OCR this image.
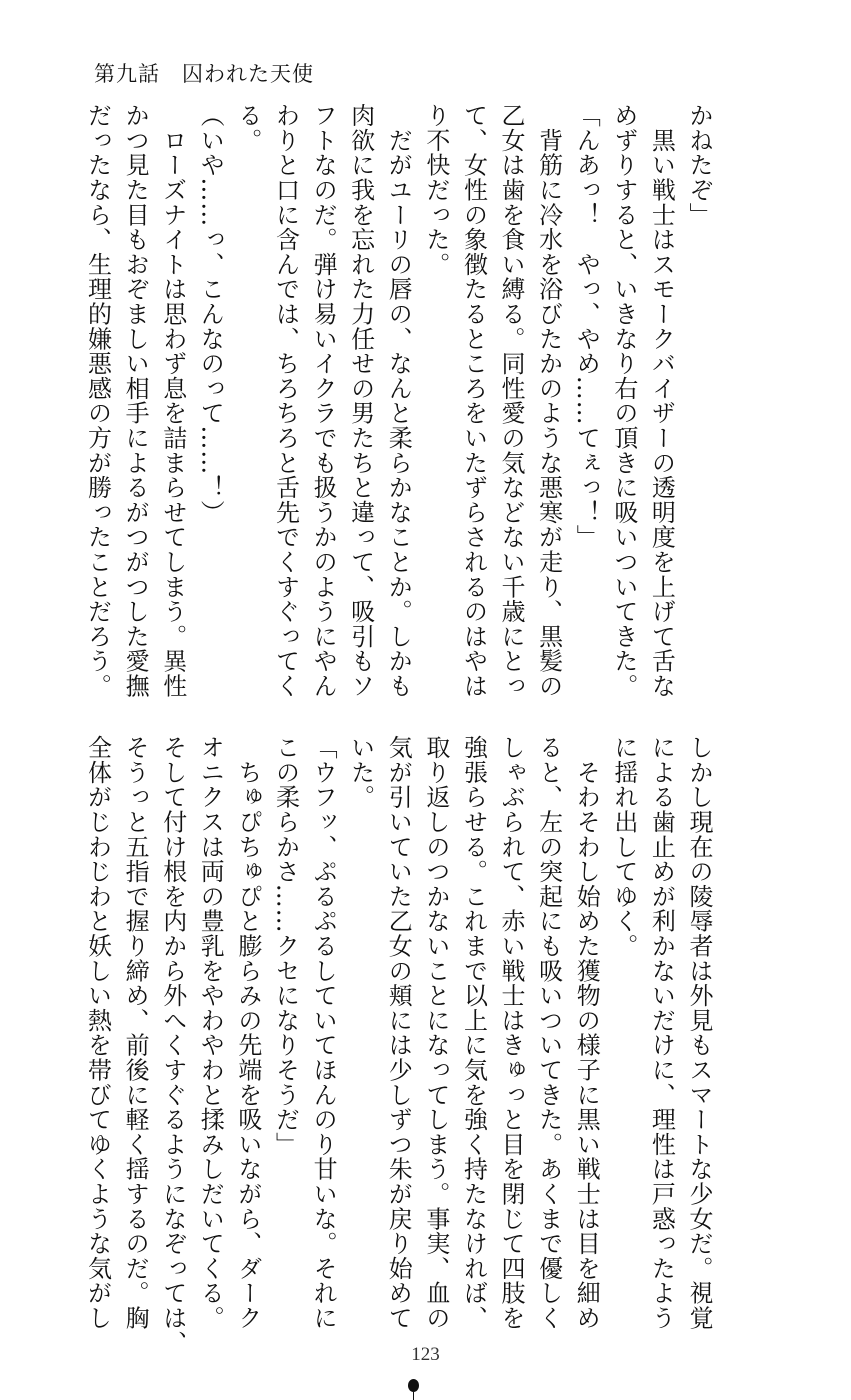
第九話　囚われた天使
かねたぞ」
　黒い戦士はスモークバイザーの透明度を上げて舌な
めずりすると、いきなり右の頂きに吸いついてきた。
「んあっ！　やっ、やめ……てぇっ！」
　背筋に冷水を浴びたかのような悪寒が走り、黒髪の
乙女は歯を食い縛る。同性愛の気などない千歳にとっ
て、女性の象徴たるところをいたずらされるのはやは
り不快だった。
　だがユーリの唇の、なんと柔らかなことか。しかも
肉欲に我を忘れた力任せの男たちと違って、吸引もソ
フトなのだ。弾け易いイクラでも扱うかのようにやん
わりと口に含んでは、ちろちろと舌先でくすぐってく
る。
（いや……っ、こんなのって……！）
　ローズナイトは思わず息を詰まらせてしまう。異性
かつ見た目もおぞましい相手によるがつがつした愛撫
だったなら、生理的嫌悪感の方が勝ったことだろう。
しかし現在の陵辱者は外見もスマートな少女だ。視覚
による歯止めが利かないだけに、理性は戸惑ったよう
に揺れ出してゆく。
　そわそわし始めた獲物の様子に黒い戦士は目を細め
ると、左の突起にも吸いついてきた。あくまで優しく
しゃぶられて、赤い戦士はきゅっと目を閉じて四肢を
強張らせる。これまで以上に気を強く持たなければ、
取り返しのつかないことになってしまう。事実、血の
気が引いていた乙女の頬には少しずつ朱が戻り始めて
いた。
「ウフッ、ぷるぷるしていてほんのり甘いな。それに
この柔らかさ……クセになりそうだ」
　ちゅぴちゅぴと膨らみの先端を吸いながら、ダーク
オニクスは両の豊乳をやわやわと揉みしだいてくる。
そして付け根を内から外へくすぐるようになぞっては、
そうっと五指で握り締め、前後に軽く揺するのだ。胸
全体がじわじわと妖しい熱を帯びてゆくような気がし
123
